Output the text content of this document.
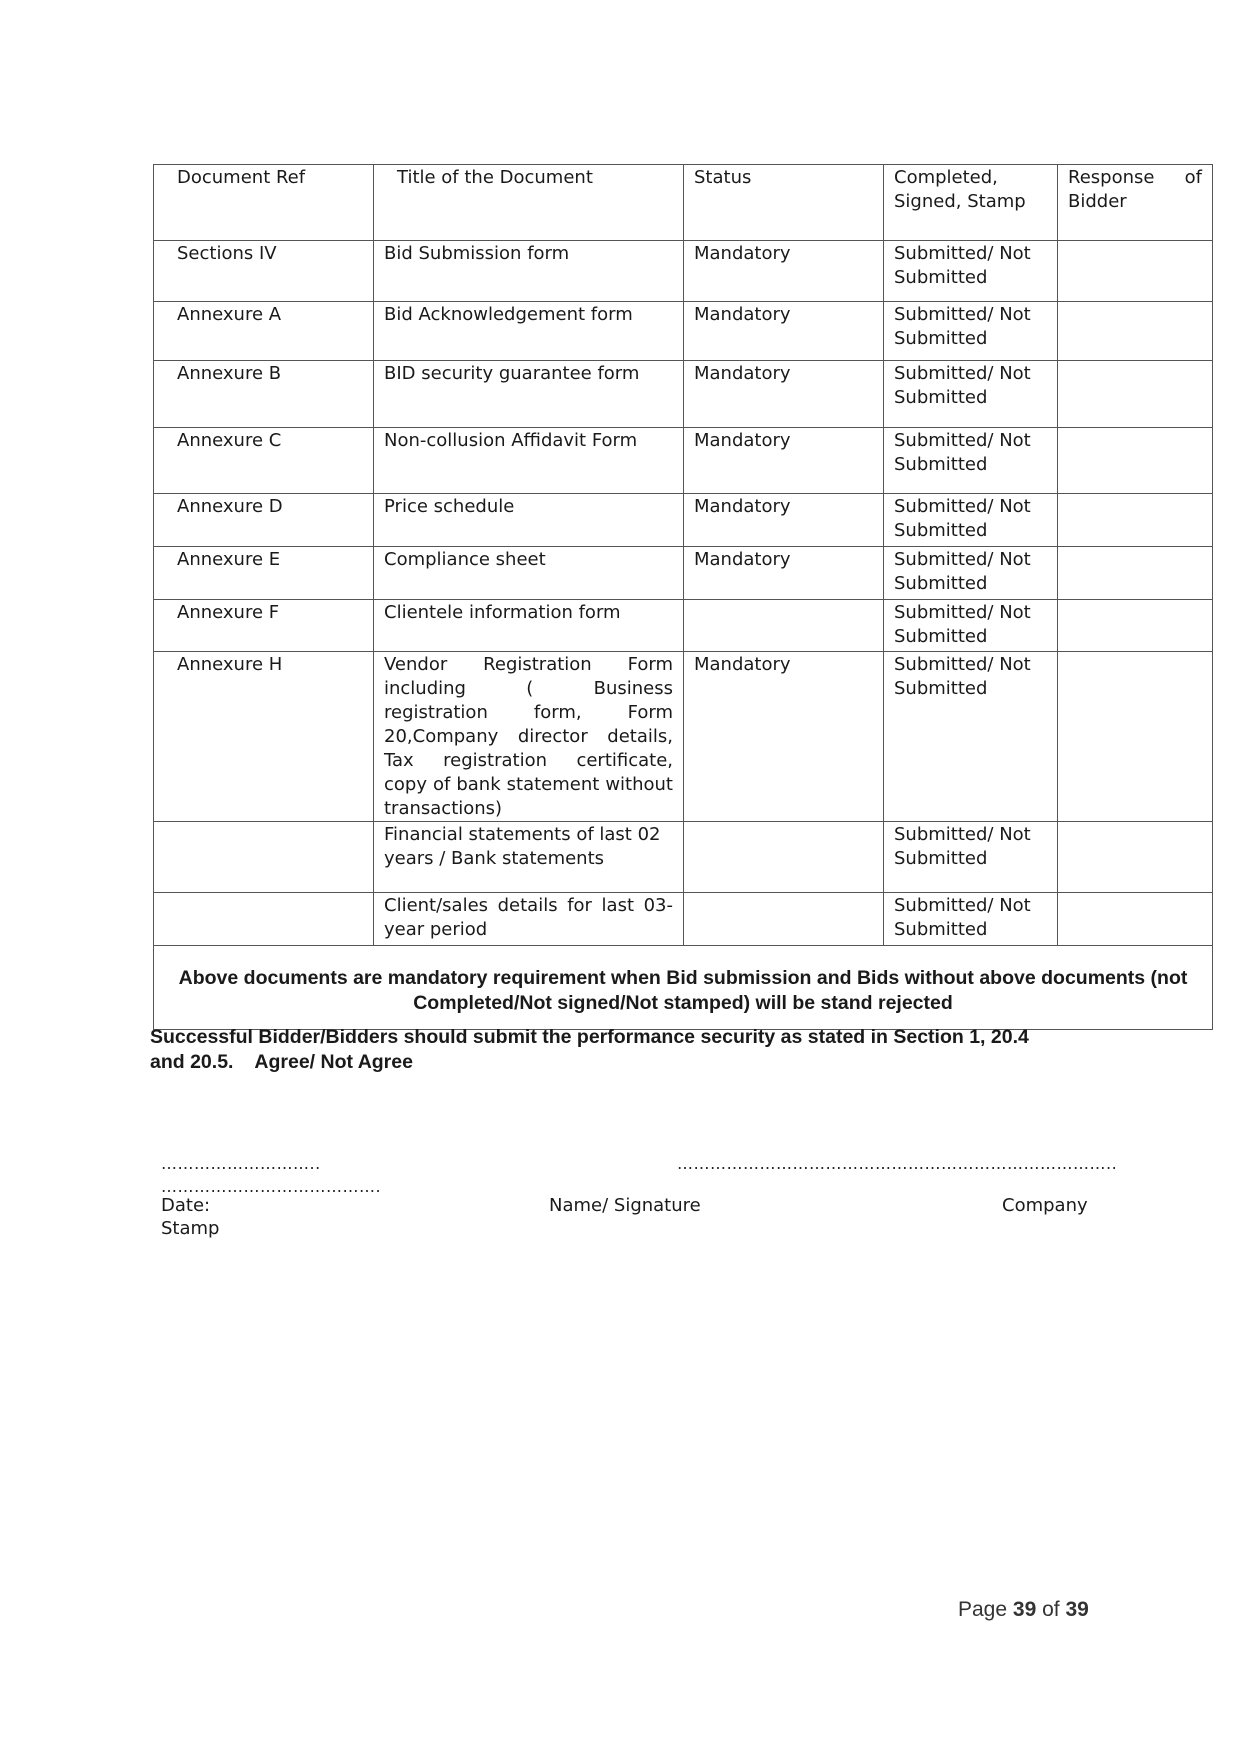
Document Ref	Title of the Document	Status	Completed, Signed, Stamp	Response of
Bidder

Sections IV	Bid Submission form	Mandatory	Submitted/ Not Submitted	

Annexure A	Bid Acknowledgement form	Mandatory	Submitted/ Not Submitted	

Annexure B	BID security guarantee form	Mandatory	Submitted/ Not Submitted	

Annexure C	Non-collusion Affidavit Form	Mandatory	Submitted/ Not Submitted	

Annexure D	Price schedule	Mandatory	Submitted/ Not Submitted	

Annexure E	Compliance sheet	Mandatory	Submitted/ Not Submitted	

Annexure F	Clientele information form		Submitted/ Not Submitted	

Annexure H	Vendor Registration Form including ( Business registration form, Form 20,Company director details, Tax registration certificate, copy of bank statement without transactions)	Mandatory	Submitted/ Not Submitted	

	Financial statements of last 02 years / Bank statements		Submitted/ Not Submitted	

	Client/sales details for last 03-year period		Submitted/ Not Submitted	

Above documents are mandatory requirement when Bid submission and Bids without above documents (not Completed/Not signed/Not stamped) will be stand rejected				
Successful Bidder/Bidders should submit the performance security as stated in Section 1, 20.4
and 20.5.    Agree/ Not Agree
………………………..	……………………………………………………………………..
………………………………….
Date:	Name/ Signature	Company
Stamp
Page 39 of 39
